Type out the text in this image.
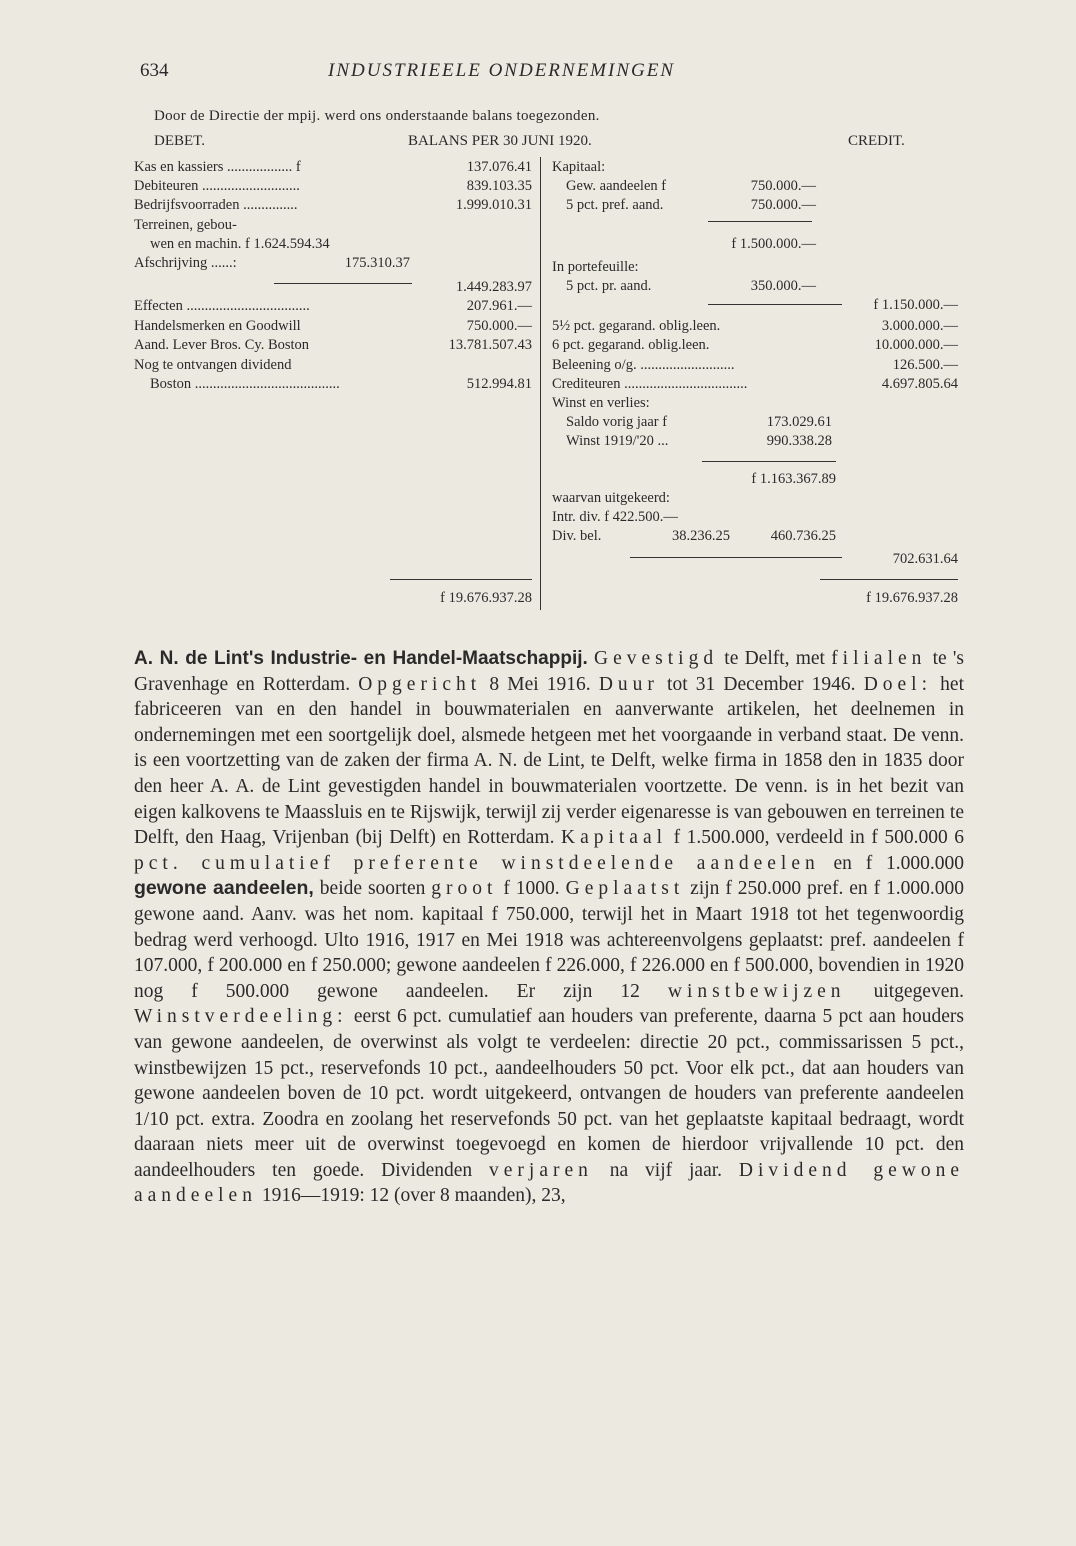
634	INDUSTRIEELE ONDERNEMINGEN
Door de Directie der mpij. werd ons onderstaande balans toegezonden.
DEBET.	BALANS PER 30 JUNI 1920.	CREDIT.
Kas en kassiers .................. f	137.076.41
Debiteuren ...........................	839.103.35
Bedrijfsvoorraden ...............	1.999.010.31
Terreinen, gebou-
wen en machin. f 1.624.594.34
Afschrijving ......:	175.310.37
1.449.283.97
Effecten ..................................	207.961.—
Handelsmerken en Goodwill	750.000.—
Aand. Lever Bros. Cy. Boston	13.781.507.43
Nog te ontvangen dividend
Boston ........................................	512.994.81
f 19.676.937.28
Kapitaal:
Gew. aandeelen f	750.000.—
5 pct. pref. aand.	750.000.—
f 1.500.000.—
In portefeuille:
5 pct. pr. aand.	350.000.—
f 1.150.000.—
5½ pct. gegarand. oblig.leen.	3.000.000.—
6 pct. gegarand. oblig.leen.	10.000.000.—
Beleening o/g. ..........................	126.500.—
Crediteuren ..................................	4.697.805.64
Winst en verlies:
Saldo vorig jaar f	173.029.61
Winst 1919/'20 ...	990.338.28
f 1.163.367.89
waarvan uitgekeerd:
Intr. div. f 422.500.—
Div. bel.	38.236.25	460.736.25
702.631.64
f 19.676.937.28

A. N. de Lint's Industrie- en Handel-Maatschappij. Gevestigd te Delft, met filialen te 's Gravenhage en Rotterdam. Opgericht 8 Mei 1916. Duur tot 31 December 1946. Doel: het fabriceeren van en den handel in bouwmaterialen en aanverwante artikelen, het deelnemen in ondernemingen met een soortgelijk doel, alsmede hetgeen met het voorgaande in verband staat. De venn. is een voortzetting van de zaken der firma A. N. de Lint, te Delft, welke firma in 1858 den in 1835 door den heer A. A. de Lint gevestigden handel in bouwmaterialen voortzette. De venn. is in het bezit van eigen kalkovens te Maassluis en te Rijswijk, terwijl zij verder eigenaresse is van gebouwen en terreinen te Delft, den Haag, Vrijenban (bij Delft) en Rotterdam. Kapitaal f 1.500.000, verdeeld in f 500.000 6 pct. cumulatief preferente winstdeelende aandeelen en f 1.000.000 gewone aandeelen, beide soorten groot f 1000. Geplaatst zijn f 250.000 pref. en f 1.000.000 gewone aand. Aanv. was het nom. kapitaal f 750.000, terwijl het in Maart 1918 tot het tegenwoordig bedrag werd verhoogd. Ulto 1916, 1917 en Mei 1918 was achtereenvolgens geplaatst: pref. aandeelen f 107.000, f 200.000 en f 250.000; gewone aandeelen f 226.000, f 226.000 en f 500.000, bovendien in 1920 nog f 500.000 gewone aandeelen. Er zijn 12 winstbewijzen uitgegeven. Winstverdeeling: eerst 6 pct. cumulatief aan houders van preferente, daarna 5 pct aan houders van gewone aandeelen, de overwinst als volgt te verdeelen: directie 20 pct., commissarissen 5 pct., winstbewijzen 15 pct., reservefonds 10 pct., aandeelhouders 50 pct. Voor elk pct., dat aan houders van gewone aandeelen boven de 10 pct. wordt uitgekeerd, ontvangen de houders van preferente aandeelen 1/10 pct. extra. Zoodra en zoolang het reservefonds 50 pct. van het geplaatste kapitaal bedraagt, wordt daaraan niets meer uit de overwinst toegevoegd en komen de hierdoor vrijvallende 10 pct. den aandeelhouders ten goede. Dividenden verjaren na vijf jaar. Dividend gewone aandeelen 1916—1919: 12 (over 8 maanden), 23,
